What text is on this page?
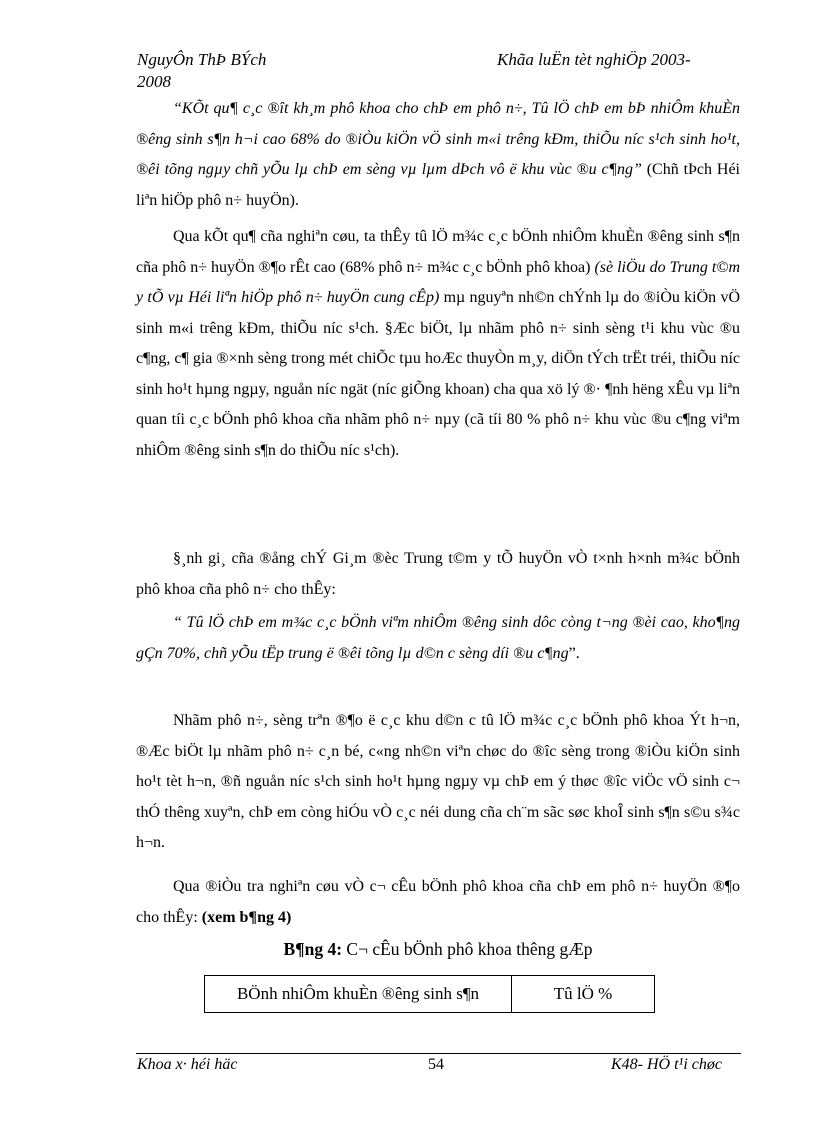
NguyÔn ThÞ BÝch	Khãa luËn tèt nghiÖp 2003-
2008

“KÕt qu¶ c¸c ®ît kh¸m phô khoa cho chÞ em phô n÷, Tû lÖ chÞ em bÞ nhiÔm khuÈn ®êng sinh s¶n h¬i cao 68% do ®iÒu kiÖn vÖ sinh m«i trêng kÐm, thiÕu níc s¹ch sinh ho¹t, ®êi tõng ngµy chñ yÕu lµ chÞ em sèng vµ lµm dÞch vô ë khu vùc ®u c¶ng” (Chñ tÞch Héi liªn hiÖp phô n÷ huyÖn).

Qua kÕt qu¶ cña nghiªn cøu, ta thÊy tû lÖ m¾c c¸c bÖnh nhiÔm khuÈn ®êng sinh s¶n cña phô n÷ huyÖn ®¶o rÊt cao (68% phô n÷ m¾c c¸c bÖnh phô khoa) (sè liÖu do Trung t©m y tÕ vµ Héi liªn hiÖp phô n÷ huyÖn cung cÊp) mµ nguyªn nh©n chÝnh lµ do ®iÒu kiÖn vÖ sinh m«i trêng kÐm, thiÕu níc s¹ch. §Æc biÖt, lµ nhãm phô n÷ sinh sèng t¹i khu vùc ®u c¶ng, c¶ gia ®×nh sèng trong mét chiÕc tµu hoÆc thuyÒn m¸y, diÖn tÝch trËt tréi, thiÕu níc sinh ho¹t hµng ngµy, nguån níc ngät (níc giÕng khoan) cha qua xö lý ®· ¶nh hëng xÊu vµ liªn quan tíi c¸c bÖnh phô khoa cña nhãm phô n÷ nµy (cã tíi 80 % phô n÷ khu vùc ®u c¶ng viªm nhiÔm ®êng sinh s¶n do thiÕu níc s¹ch).

§¸nh gi¸ cña ®ång chÝ Gi¸m ®èc Trung t©m y tÕ huyÖn vÒ t×nh h×nh m¾c bÖnh phô khoa cña phô n÷ cho thÊy:

“ Tû lÖ chÞ em m¾c c¸c bÖnh viªm nhiÔm ®êng sinh dôc còng t¬ng ®èi cao, kho¶ng gÇn 70%, chñ yÕu tËp trung ë ®êi tõng lµ d©n c sèng díi ®u c¶ng”.

Nhãm phô n÷, sèng trªn ®¶o ë c¸c khu d©n c tû lÖ m¾c c¸c bÖnh phô khoa Ýt h¬n, ®Æc biÖt lµ nhãm phô n÷ c¸n bé, c«ng nh©n viªn chøc do ®îc sèng trong ®iÒu kiÖn sinh ho¹t tèt h¬n, ®ñ nguån níc s¹ch sinh ho¹t hµng ngµy vµ chÞ em ý thøc ®îc viÖc vÖ sinh c¬ thÓ thêng xuyªn, chÞ em còng hiÓu vÒ c¸c néi dung cña ch¨m sãc søc khoÎ sinh s¶n s©u s¾c h¬n.

Qua ®iÒu tra nghiªn cøu vÒ c¬ cÊu bÖnh phô khoa cña chÞ em phô n÷ huyÖn ®¶o cho thÊy: (xem b¶ng 4)

B¶ng 4: C¬ cÊu bÖnh phô khoa thêng gÆp
BÖnh nhiÔm khuÈn ®êng sinh s¶n	Tû lÖ %
Khoa x· héi häc	54	K48- HÖ t¹i chøc
